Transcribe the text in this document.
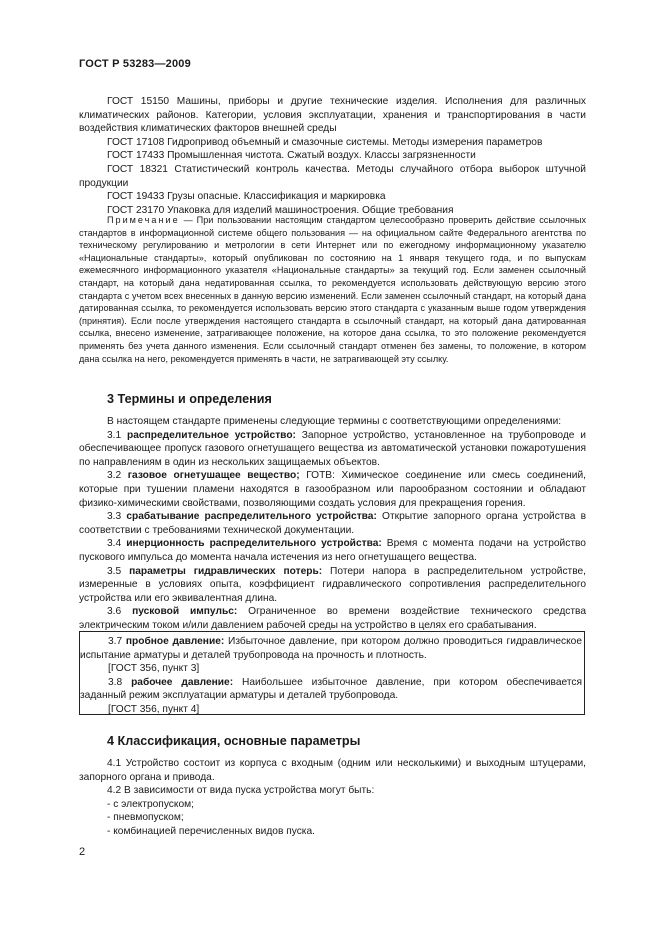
ГОСТ Р 53283—2009

ГОСТ 15150 Машины, приборы и другие технические изделия. Исполнения для различных климатических районов. Категории, условия эксплуатации, хранения и транспортирования в части воздействия климатических факторов внешней среды

ГОСТ 17108 Гидропривод объемный и смазочные системы. Методы измерения параметров

ГОСТ 17433 Промышленная чистота. Сжатый воздух. Классы загрязненности

ГОСТ 18321 Статистический контроль качества. Методы случайного отбора выборок штучной продукции

ГОСТ 19433 Грузы опасные. Классификация и маркировка

ГОСТ 23170 Упаковка для изделий машиностроения. Общие требования

Примечание — При пользовании настоящим стандартом целесообразно проверить действие ссылочных стандартов в информационной системе общего пользования — на официальном сайте Федерального агентства по техническому регулированию и метрологии в сети Интернет или по ежегодному информационному указателю «Национальные стандарты», который опубликован по состоянию на 1 января текущего года, и по выпускам ежемесячного информационного указателя «Национальные стандарты» за текущий год. Если заменен ссылочный стандарт, на который дана недатированная ссылка, то рекомендуется использовать действующую версию этого стандарта с учетом всех внесенных в данную версию изменений. Если заменен ссылочный стандарт, на который дана датированная ссылка, то рекомендуется использовать версию этого стандарта с указанным выше годом утверждения (принятия). Если после утверждения настоящего стандарта в ссылочный стандарт, на который дана датированная ссылка, внесено изменение, затрагивающее положение, на которое дана ссылка, то это положение рекомендуется применять без учета данного изменения. Если ссылочный стандарт отменен без замены, то положение, в котором дана ссылка на него, рекомендуется применять в части, не затрагивающей эту ссылку.

3 Термины и определения

В настоящем стандарте применены следующие термины с соответствующими определениями:

3.1 распределительное устройство: Запорное устройство, установленное на трубопроводе и обеспечивающее пропуск газового огнетушащего вещества из автоматической установки пожаротушения по направлениям в один из нескольких защищаемых объектов.

3.2 газовое огнетушащее вещество; ГОТВ: Химическое соединение или смесь соединений, которые при тушении пламени находятся в газообразном или парообразном состоянии и обладают физико-химическими свойствами, позволяющими создать условия для прекращения горения.

3.3 срабатывание распределительного устройства: Открытие запорного органа устройства в соответствии с требованиями технической документации.

3.4 инерционность распределительного устройства: Время с момента подачи на устройство пускового импульса до момента начала истечения из него огнетушащего вещества.

3.5 параметры гидравлических потерь: Потери напора в распределительном устройстве, измеренные в условиях опыта, коэффициент гидравлического сопротивления распределительного устройства или его эквивалентная длина.

3.6 пусковой импульс: Ограниченное во времени воздействие технического средства электрическим током и/или давлением рабочей среды на устройство в целях его срабатывания.

3.7 пробное давление: Избыточное давление, при котором должно проводиться гидравлическое испытание арматуры и деталей трубопровода на прочность и плотность.

[ГОСТ 356, пункт 3]

3.8 рабочее давление: Наибольшее избыточное давление, при котором обеспечивается заданный режим эксплуатации арматуры и деталей трубопровода.

[ГОСТ 356, пункт 4]

4 Классификация, основные параметры

4.1 Устройство состоит из корпуса с входным (одним или несколькими) и выходным штуцерами, запорного органа и привода.

4.2 В зависимости от вида пуска устройства могут быть:

- с электропуском;

- пневмопуском;

- комбинацией перечисленных видов пуска.

2
